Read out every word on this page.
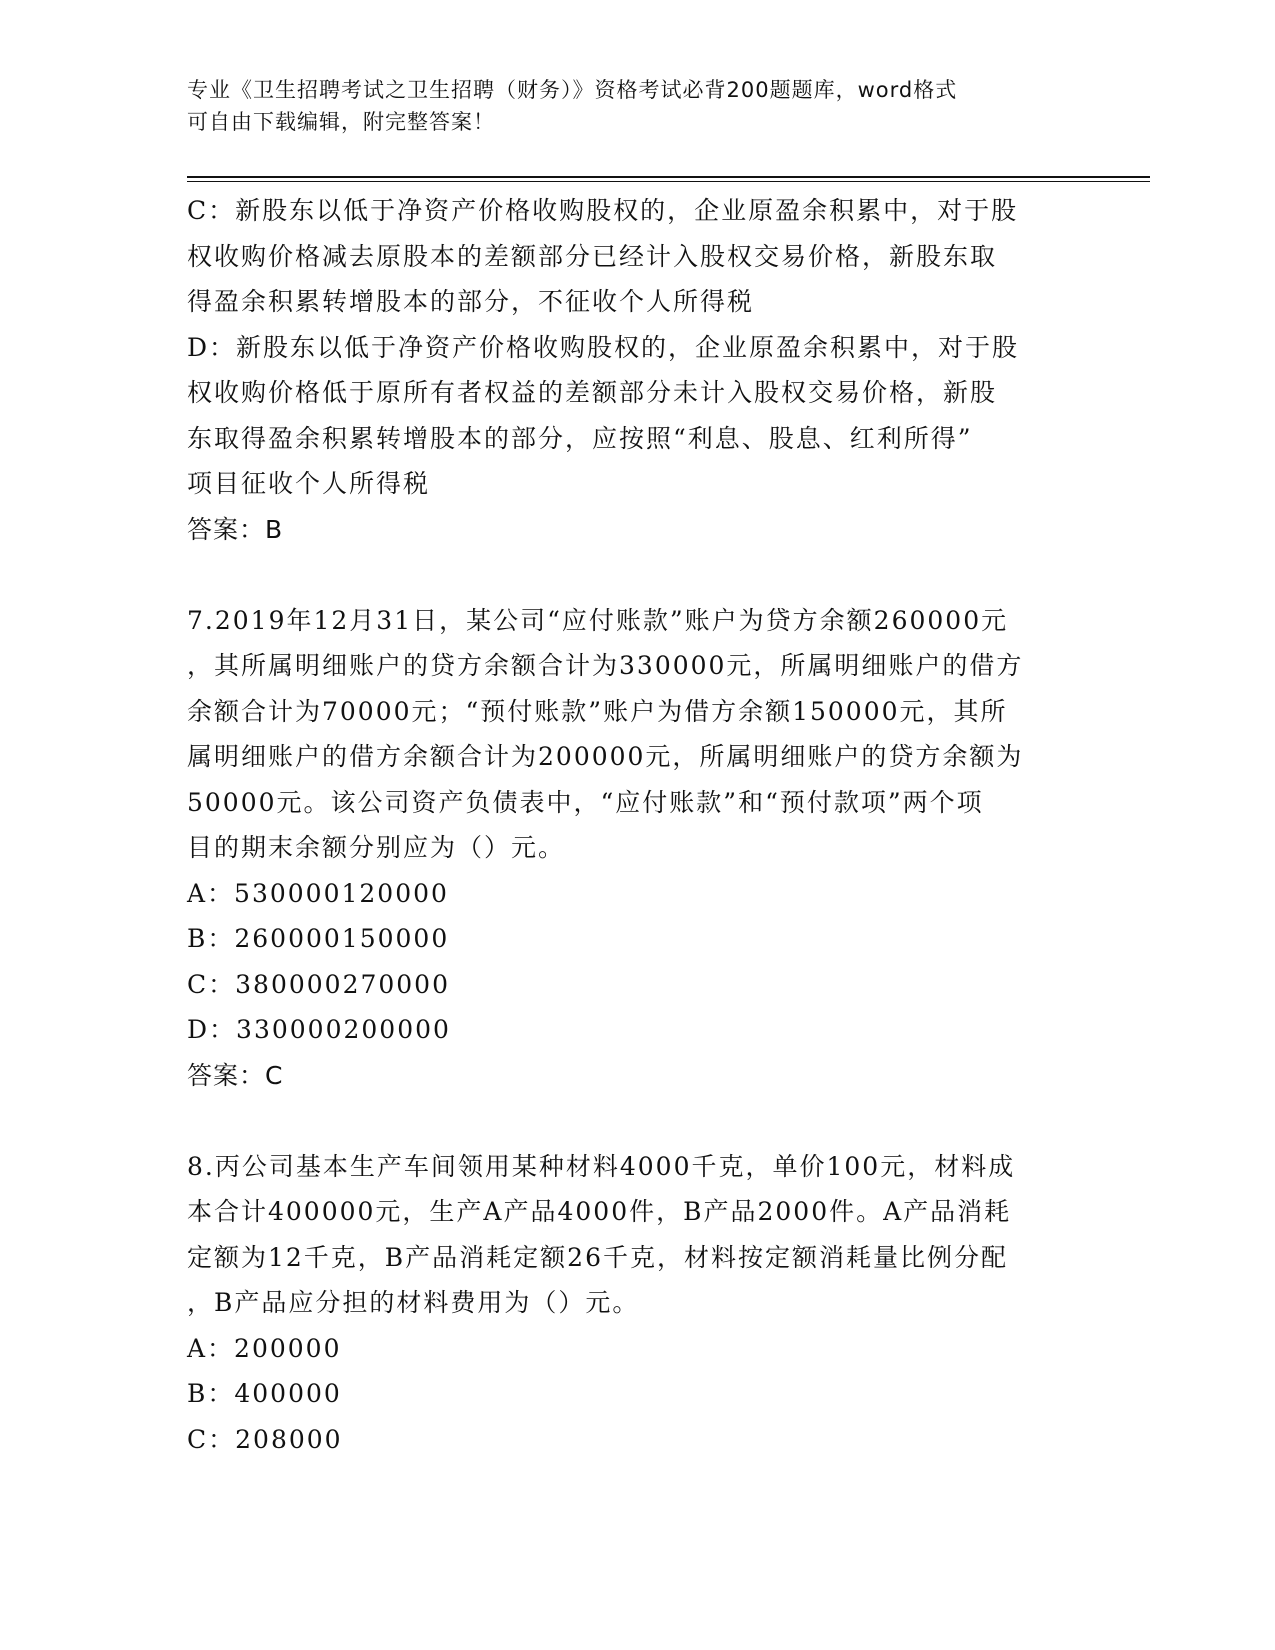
专业《卫生招聘考试之卫生招聘（财务）》资格考试必背200题题库，word格式
可自由下载编辑，附完整答案！
C：新股东以低于净资产价格收购股权的，企业原盈余积累中，对于股
权收购价格减去原股本的差额部分已经计入股权交易价格，新股东取
得盈余积累转增股本的部分，不征收个人所得税
D：新股东以低于净资产价格收购股权的，企业原盈余积累中，对于股
权收购价格低于原所有者权益的差额部分未计入股权交易价格，新股
东取得盈余积累转增股本的部分，应按照“利息、股息、红利所得”
项目征收个人所得税
答案：B
7.2019年12月31日，某公司“应付账款”账户为贷方余额260000元
，其所属明细账户的贷方余额合计为330000元，所属明细账户的借方
余额合计为70000元；“预付账款”账户为借方余额150000元，其所
属明细账户的借方余额合计为200000元，所属明细账户的贷方余额为
50000元。该公司资产负债表中，“应付账款”和“预付款项”两个项
目的期末余额分别应为（）元。
A：530000120000
B：260000150000
C：380000270000
D：330000200000
答案：C
8.丙公司基本生产车间领用某种材料4000千克，单价100元，材料成
本合计400000元，生产A产品4000件，B产品2000件。A产品消耗
定额为12千克，B产品消耗定额26千克，材料按定额消耗量比例分配
，B产品应分担的材料费用为（）元。
A：200000
B：400000
C：208000
